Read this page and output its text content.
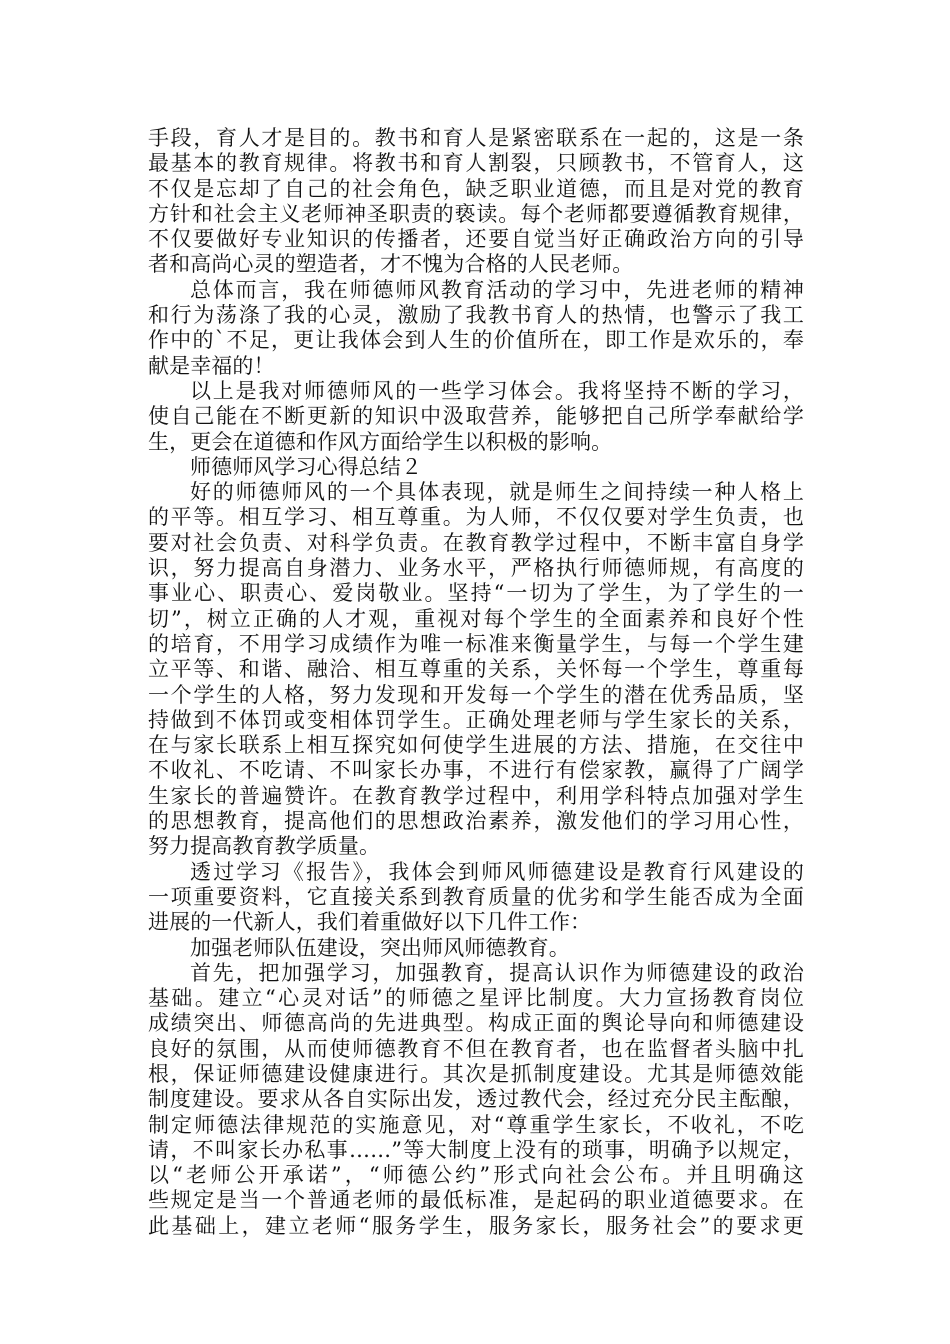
手段，育人才是目的。教书和育人是紧密联系在一起的，这是一条
最基本的教育规律。将教书和育人割裂，只顾教书，不管育人，这
不仅是忘却了自己的社会角色，缺乏职业道德，而且是对党的教育
方针和社会主义老师神圣职责的亵读。每个老师都要遵循教育规律，
不仅要做好专业知识的传播者，还要自觉当好正确政治方向的引导
者和高尚心灵的塑造者，才不愧为合格的人民老师。
总体而言，我在师德师风教育活动的学习中，先进老师的精神
和行为荡涤了我的心灵，激励了我教书育人的热情，也警示了我工
作中的`不足，更让我体会到人生的价值所在，即工作是欢乐的，奉
献是幸福的！
以上是我对师德师风的一些学习体会。我将坚持不断的学习，
使自己能在不断更新的知识中汲取营养，能够把自己所学奉献给学
生，更会在道德和作风方面给学生以积极的影响。
师德师风学习心得总结２
好的师德师风的一个具体表现，就是师生之间持续一种人格上
的平等。相互学习、相互尊重。为人师，不仅仅要对学生负责，也
要对社会负责、对科学负责。在教育教学过程中，不断丰富自身学
识，努力提高自身潜力、业务水平，严格执行师德师规，有高度的
事业心、职责心、爱岗敬业。坚持“一切为了学生，为了学生的一
切”，树立正确的人才观，重视对每个学生的全面素养和良好个性
的培育，不用学习成绩作为唯一标准来衡量学生，与每一个学生建
立平等、和谐、融洽、相互尊重的关系，关怀每一个学生，尊重每
一个学生的人格，努力发现和开发每一个学生的潜在优秀品质，坚
持做到不体罚或变相体罚学生。正确处理老师与学生家长的关系，
在与家长联系上相互探究如何使学生进展的方法、措施，在交往中
不收礼、不吃请、不叫家长办事，不进行有偿家教，赢得了广阔学
生家长的普遍赞许。在教育教学过程中，利用学科特点加强对学生
的思想教育，提高他们的思想政治素养，激发他们的学习用心性，
努力提高教育教学质量。
透过学习《报告》，我体会到师风师德建设是教育行风建设的
一项重要资料，它直接关系到教育质量的优劣和学生能否成为全面
进展的一代新人，我们着重做好以下几件工作：
加强老师队伍建设，突出师风师德教育。
首先，把加强学习，加强教育，提高认识作为师德建设的政治
基础。建立“心灵对话”的师德之星评比制度。大力宣扬教育岗位
成绩突出、师德高尚的先进典型。构成正面的舆论导向和师德建设
良好的氛围，从而使师德教育不但在教育者，也在监督者头脑中扎
根，保证师德建设健康进行。其次是抓制度建设。尤其是师德效能
制度建设。要求从各自实际出发，透过教代会，经过充分民主酝酿，
制定师德法律规范的实施意见，对“尊重学生家长，不收礼，不吃
请，不叫家长办私事……”等大制度上没有的琐事，明确予以规定，
以“老师公开承诺”，“师德公约”形式向社会公布。并且明确这
些规定是当一个普通老师的最低标准，是起码的职业道德要求。在
此基础上，建立老师“服务学生，服务家长，服务社会”的要求更
